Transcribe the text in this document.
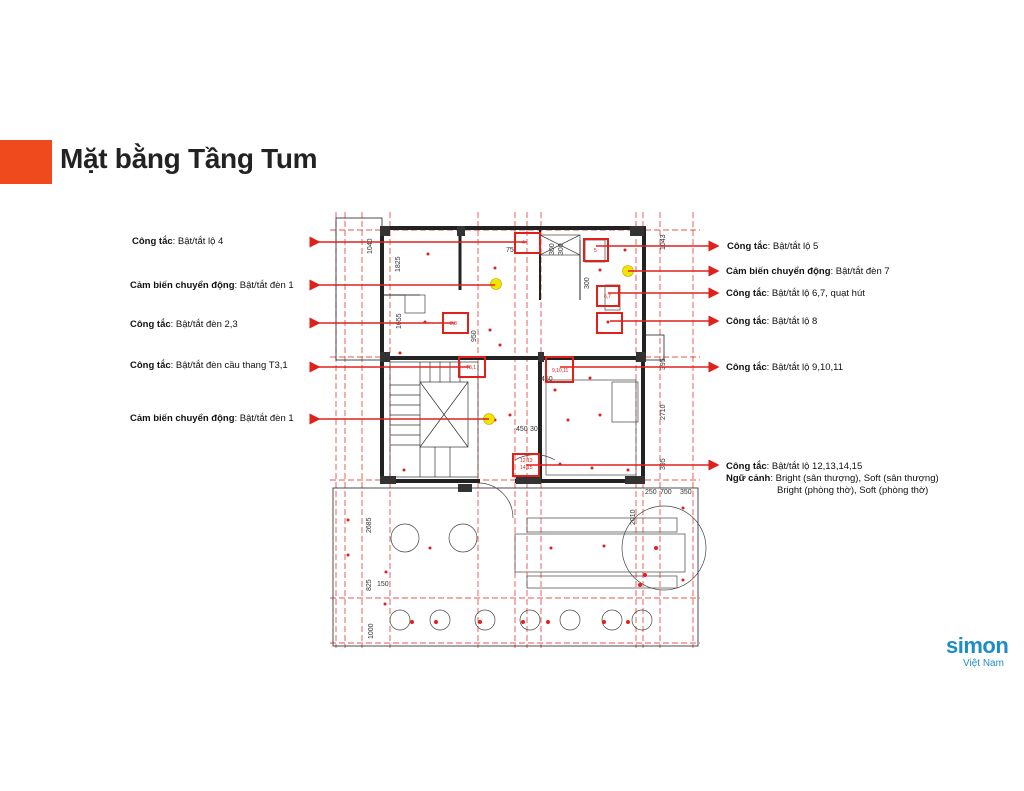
Mặt bằng Tầng Tum
1040
1825
1655
950
75	300 300
300
1043
395
2710
395
450 300
250 700 350
2010
2685
825 150
1000
450
4
5
6,7
2,3
9,10,11
T3,1
12,13
14,15
Công tắc: Bật/tắt lộ 4
Cảm biến chuyển động: Bật/tắt đèn 1
Công tắc: Bật/tắt đèn 2,3
Công tắc: Bật/tắt đèn cầu thang T3,1
Cảm biến chuyển động: Bật/tắt đèn 1
Công tắc: Bật/tắt lộ 5
Cảm biến chuyển động: Bật/tắt đèn 7
Công tắc: Bật/tắt lộ 6,7, quạt hút
Công tắc: Bật/tắt lộ 8
Công tắc: Bật/tắt lộ 9,10,11
Công tắc: Bật/tắt lộ 12,13,14,15
Ngữ cảnh: Bright (sân thượng), Soft (sân thượng)
Bright (phòng thờ), Soft (phòng thờ)
simon
Việt Nam
